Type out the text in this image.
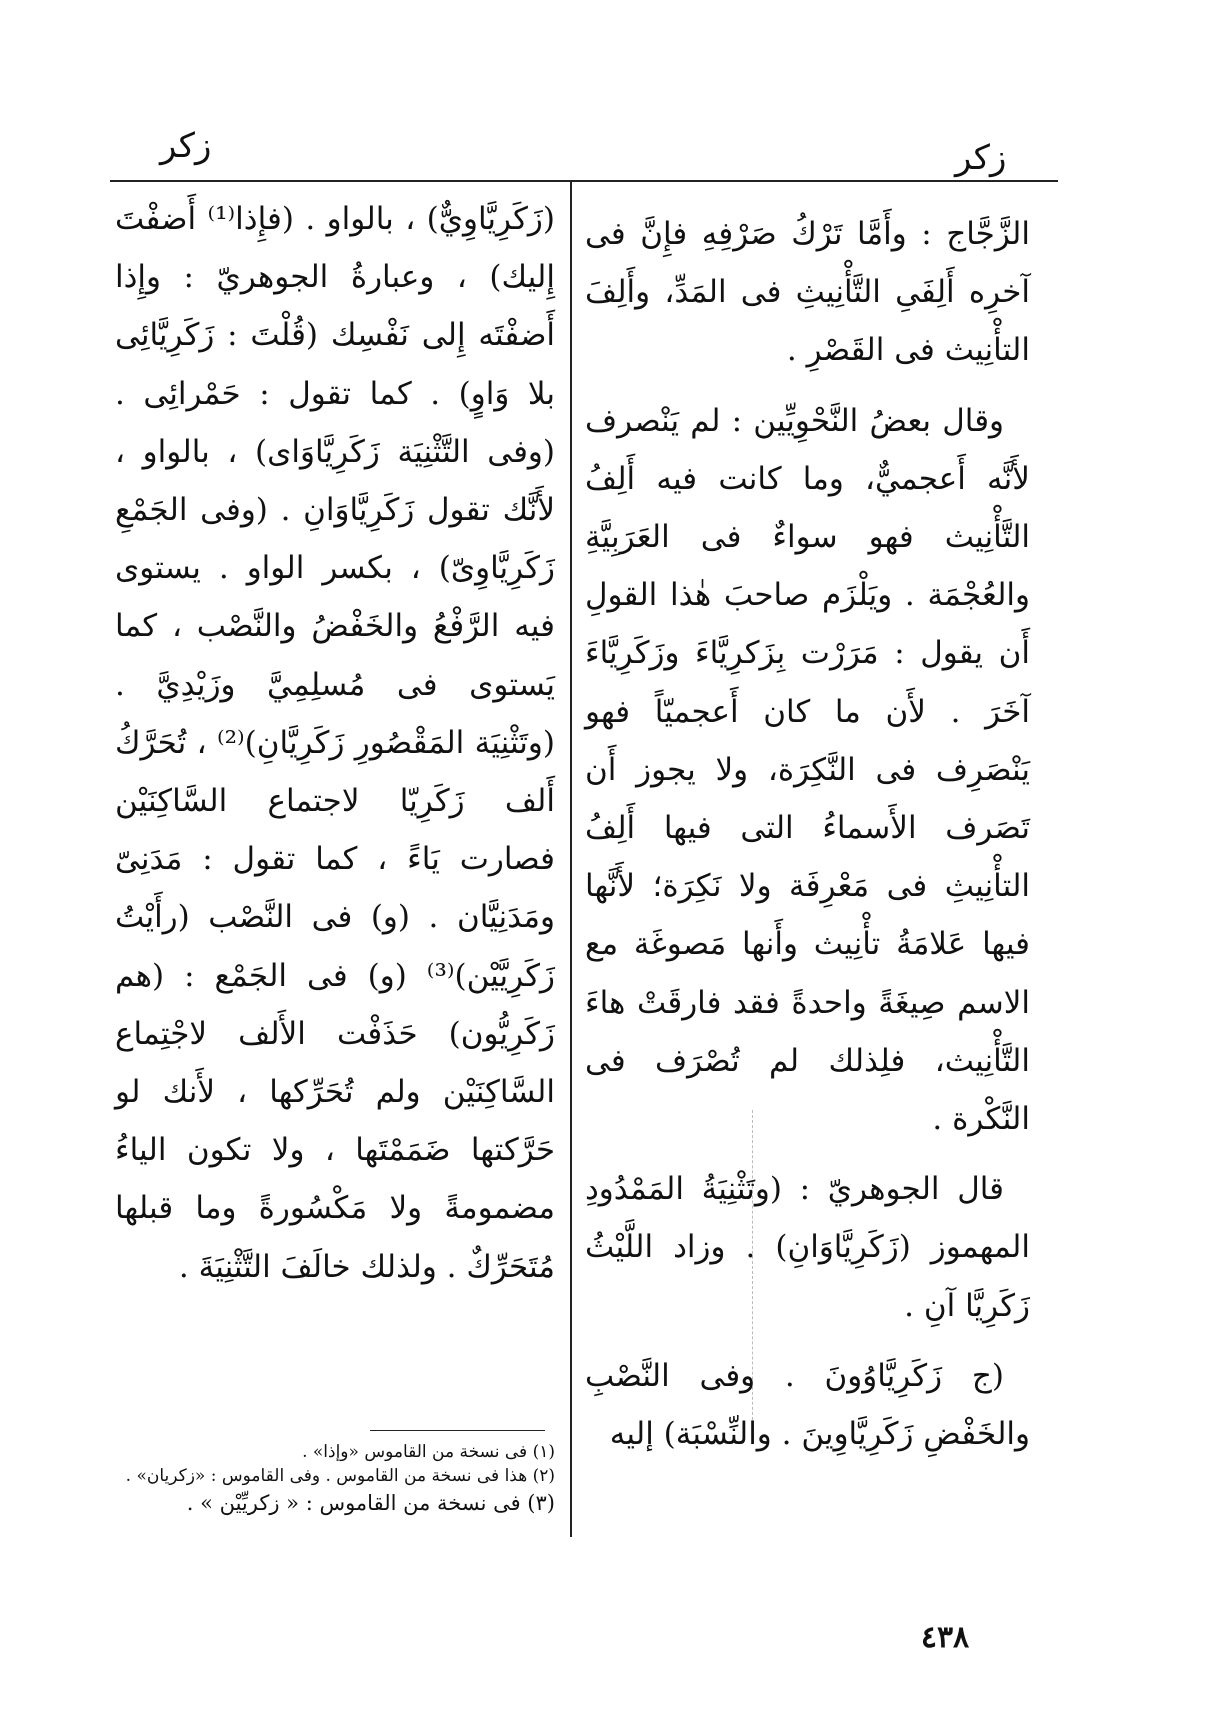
زكر
زكر

الزَّجَّاج : وأَمَّا تَرْكُ صَرْفِهِ فإِنَّ فى آخرِه أَلِفَىِ التَّأْنِيثِ فى المَدِّ، وأَلِفَ التأْنِيث فى القَصْرِ .

وقال بعضُ النَّحْوِيِّين : لم يَنْصرف لأَنَّه أَعجميٌّ، وما كانت فيه أَلِفُ التَّأْنِيث فهو سواءٌ فى العَرَبِيَّةِ والعُجْمَة . ويَلْزَم صاحبَ هٰذا القولِ أَن يقول : مَرَرْت بِزَكرِيَّاءَ وزَكَرِيَّاءَ آخَرَ . لأَن ما كان أَعجميّاً فهو يَنْصَرِف فى النَّكِرَة، ولا يجوز أَن تَصَرف الأَسماءُ التى فيها أَلِفُ التأْنِيثِ فى مَعْرِفَة ولا نَكِرَة؛ لأَنَّها فيها عَلامَةُ تأْنِيث وأَنها مَصوغَة مع الاسم صِيغَةً واحدةً فقد فارقَتْ هاءَ التَّأْنِيث، فلِذلك لم تُصْرَف فى النَّكْرة .

قال الجوهريّ : (وتَثْنِيَةُ المَمْدُودِ المهموز (زَكَرِيَّاوَانِ) . وزاد اللَّيْثُ زَكَرِيَّا آنِ .

(ج زَكَرِيَّاوُونَ . وفى النَّصْبِ والخَفْضِ زَكَرِيَّاوِينَ . والنِّسْبَة) إليه

(زَكَرِيَّاوِيٌّ) ، بالواو . (فإِذا⁽¹⁾ أَضفْتَ إِليك) ، وعبارةُ الجوهريّ : وإِذا أَضفْتَه إِلى نَفْسِك (قُلْتَ : زَكَرِيَّائِى بلا وَاوٍ) . كما تقول : حَمْرائِى . (وفى التَّثْنِيَة زَكَرِيَّاوَاى) ، بالواو ، لأَنَّك تقول زَكَرِيَّاوَانِ . (وفى الجَمْعِ زَكَرِيَّاوِىّ) ، بكسر الواو . يستوى فيه الرَّفْعُ والخَفْضُ والنَّصْب ، كما يَستوى فى مُسلِمِيَّ وزَيْدِيَّ . (وتَثْنِيَة المَقْصُورِ زَكَرِيَّانِ)⁽²⁾ ، تُحَرَّكُ أَلف زَكَرِيّا لاجتماع السَّاكِنَيْن فصارت يَاءً ، كما تقول : مَدَنِىّ ومَدَنِيَّان . (و) فى النَّصْب (رأَيْتُ زَكَرِيَّيْن)⁽³⁾ (و) فى الجَمْع : (هم زَكَرِيُّون) حَذَفْت الأَلف لاجْتِماع السَّاكِنَيْن ولم تُحَرِّكها ، لأَنك لو حَرَّكتها ضَمَمْتَها ، ولا تكون الياءُ مضمومةً ولا مَكْسُورةً وما قبلها مُتَحَرِّكٌ . ولذلك خالَفَ التَّثْنِيَةَ .

(١) فى نسخة من القاموس «وإذا» .
(٢) هذا فى نسخة من القاموس . وفى القاموس : «زكريان» .
(٣) فى نسخة من القاموس : « زكريِّيْن » .
٤٣٨
